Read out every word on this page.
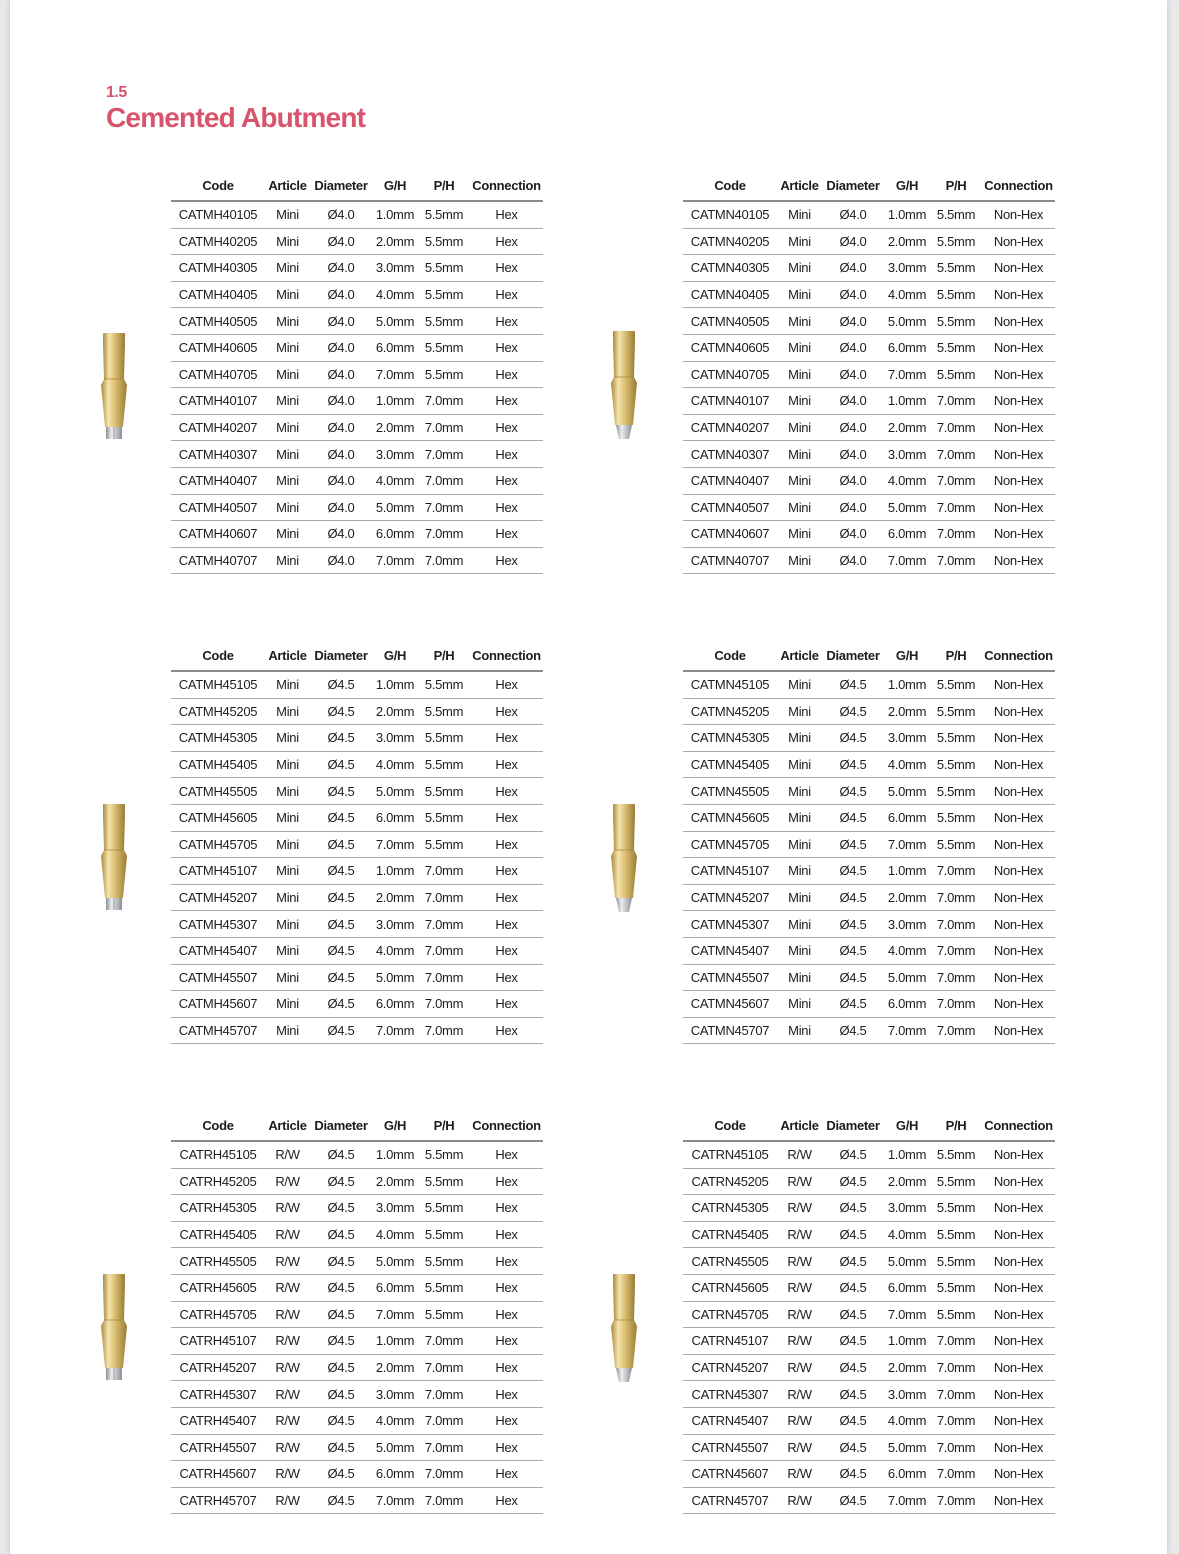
1.5
Cemented Abutment
Code	Article	Diameter	G/H	P/H	Connection
CATMH40105	Mini	Ø4.0	1.0mm	5.5mm	Hex
CATMH40205	Mini	Ø4.0	2.0mm	5.5mm	Hex
CATMH40305	Mini	Ø4.0	3.0mm	5.5mm	Hex
CATMH40405	Mini	Ø4.0	4.0mm	5.5mm	Hex
CATMH40505	Mini	Ø4.0	5.0mm	5.5mm	Hex
CATMH40605	Mini	Ø4.0	6.0mm	5.5mm	Hex
CATMH40705	Mini	Ø4.0	7.0mm	5.5mm	Hex
CATMH40107	Mini	Ø4.0	1.0mm	7.0mm	Hex
CATMH40207	Mini	Ø4.0	2.0mm	7.0mm	Hex
CATMH40307	Mini	Ø4.0	3.0mm	7.0mm	Hex
CATMH40407	Mini	Ø4.0	4.0mm	7.0mm	Hex
CATMH40507	Mini	Ø4.0	5.0mm	7.0mm	Hex
CATMH40607	Mini	Ø4.0	6.0mm	7.0mm	Hex
CATMH40707	Mini	Ø4.0	7.0mm	7.0mm	Hex
Code	Article	Diameter	G/H	P/H	Connection
CATMN40105	Mini	Ø4.0	1.0mm	5.5mm	Non-Hex
CATMN40205	Mini	Ø4.0	2.0mm	5.5mm	Non-Hex
CATMN40305	Mini	Ø4.0	3.0mm	5.5mm	Non-Hex
CATMN40405	Mini	Ø4.0	4.0mm	5.5mm	Non-Hex
CATMN40505	Mini	Ø4.0	5.0mm	5.5mm	Non-Hex
CATMN40605	Mini	Ø4.0	6.0mm	5.5mm	Non-Hex
CATMN40705	Mini	Ø4.0	7.0mm	5.5mm	Non-Hex
CATMN40107	Mini	Ø4.0	1.0mm	7.0mm	Non-Hex
CATMN40207	Mini	Ø4.0	2.0mm	7.0mm	Non-Hex
CATMN40307	Mini	Ø4.0	3.0mm	7.0mm	Non-Hex
CATMN40407	Mini	Ø4.0	4.0mm	7.0mm	Non-Hex
CATMN40507	Mini	Ø4.0	5.0mm	7.0mm	Non-Hex
CATMN40607	Mini	Ø4.0	6.0mm	7.0mm	Non-Hex
CATMN40707	Mini	Ø4.0	7.0mm	7.0mm	Non-Hex
Code	Article	Diameter	G/H	P/H	Connection
CATMH45105	Mini	Ø4.5	1.0mm	5.5mm	Hex
CATMH45205	Mini	Ø4.5	2.0mm	5.5mm	Hex
CATMH45305	Mini	Ø4.5	3.0mm	5.5mm	Hex
CATMH45405	Mini	Ø4.5	4.0mm	5.5mm	Hex
CATMH45505	Mini	Ø4.5	5.0mm	5.5mm	Hex
CATMH45605	Mini	Ø4.5	6.0mm	5.5mm	Hex
CATMH45705	Mini	Ø4.5	7.0mm	5.5mm	Hex
CATMH45107	Mini	Ø4.5	1.0mm	7.0mm	Hex
CATMH45207	Mini	Ø4.5	2.0mm	7.0mm	Hex
CATMH45307	Mini	Ø4.5	3.0mm	7.0mm	Hex
CATMH45407	Mini	Ø4.5	4.0mm	7.0mm	Hex
CATMH45507	Mini	Ø4.5	5.0mm	7.0mm	Hex
CATMH45607	Mini	Ø4.5	6.0mm	7.0mm	Hex
CATMH45707	Mini	Ø4.5	7.0mm	7.0mm	Hex
Code	Article	Diameter	G/H	P/H	Connection
CATMN45105	Mini	Ø4.5	1.0mm	5.5mm	Non-Hex
CATMN45205	Mini	Ø4.5	2.0mm	5.5mm	Non-Hex
CATMN45305	Mini	Ø4.5	3.0mm	5.5mm	Non-Hex
CATMN45405	Mini	Ø4.5	4.0mm	5.5mm	Non-Hex
CATMN45505	Mini	Ø4.5	5.0mm	5.5mm	Non-Hex
CATMN45605	Mini	Ø4.5	6.0mm	5.5mm	Non-Hex
CATMN45705	Mini	Ø4.5	7.0mm	5.5mm	Non-Hex
CATMN45107	Mini	Ø4.5	1.0mm	7.0mm	Non-Hex
CATMN45207	Mini	Ø4.5	2.0mm	7.0mm	Non-Hex
CATMN45307	Mini	Ø4.5	3.0mm	7.0mm	Non-Hex
CATMN45407	Mini	Ø4.5	4.0mm	7.0mm	Non-Hex
CATMN45507	Mini	Ø4.5	5.0mm	7.0mm	Non-Hex
CATMN45607	Mini	Ø4.5	6.0mm	7.0mm	Non-Hex
CATMN45707	Mini	Ø4.5	7.0mm	7.0mm	Non-Hex
Code	Article	Diameter	G/H	P/H	Connection
CATRH45105	R/W	Ø4.5	1.0mm	5.5mm	Hex
CATRH45205	R/W	Ø4.5	2.0mm	5.5mm	Hex
CATRH45305	R/W	Ø4.5	3.0mm	5.5mm	Hex
CATRH45405	R/W	Ø4.5	4.0mm	5.5mm	Hex
CATRH45505	R/W	Ø4.5	5.0mm	5.5mm	Hex
CATRH45605	R/W	Ø4.5	6.0mm	5.5mm	Hex
CATRH45705	R/W	Ø4.5	7.0mm	5.5mm	Hex
CATRH45107	R/W	Ø4.5	1.0mm	7.0mm	Hex
CATRH45207	R/W	Ø4.5	2.0mm	7.0mm	Hex
CATRH45307	R/W	Ø4.5	3.0mm	7.0mm	Hex
CATRH45407	R/W	Ø4.5	4.0mm	7.0mm	Hex
CATRH45507	R/W	Ø4.5	5.0mm	7.0mm	Hex
CATRH45607	R/W	Ø4.5	6.0mm	7.0mm	Hex
CATRH45707	R/W	Ø4.5	7.0mm	7.0mm	Hex
Code	Article	Diameter	G/H	P/H	Connection
CATRN45105	R/W	Ø4.5	1.0mm	5.5mm	Non-Hex
CATRN45205	R/W	Ø4.5	2.0mm	5.5mm	Non-Hex
CATRN45305	R/W	Ø4.5	3.0mm	5.5mm	Non-Hex
CATRN45405	R/W	Ø4.5	4.0mm	5.5mm	Non-Hex
CATRN45505	R/W	Ø4.5	5.0mm	5.5mm	Non-Hex
CATRN45605	R/W	Ø4.5	6.0mm	5.5mm	Non-Hex
CATRN45705	R/W	Ø4.5	7.0mm	5.5mm	Non-Hex
CATRN45107	R/W	Ø4.5	1.0mm	7.0mm	Non-Hex
CATRN45207	R/W	Ø4.5	2.0mm	7.0mm	Non-Hex
CATRN45307	R/W	Ø4.5	3.0mm	7.0mm	Non-Hex
CATRN45407	R/W	Ø4.5	4.0mm	7.0mm	Non-Hex
CATRN45507	R/W	Ø4.5	5.0mm	7.0mm	Non-Hex
CATRN45607	R/W	Ø4.5	6.0mm	7.0mm	Non-Hex
CATRN45707	R/W	Ø4.5	7.0mm	7.0mm	Non-Hex
